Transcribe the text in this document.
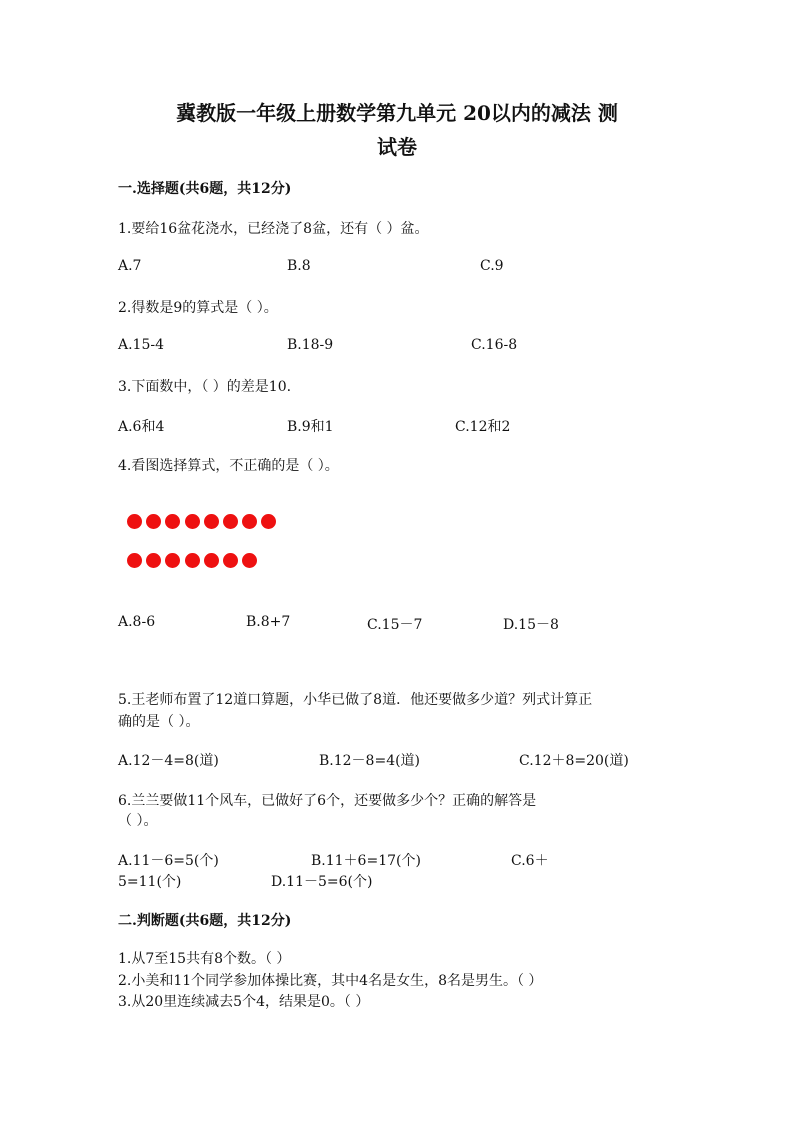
冀教版一年级上册数学第九单元 20以内的减法 测
试卷
一.选择题(共6题，共12分)
1.要给16盆花浇水，已经浇了8盆，还有（ ）盆。
A.7	B.8	C.9
2.得数是9的算式是（ ）。
A.15-4	B.18-9	C.16-8
3.下面数中，（ ）的差是10.
A.6和4	B.9和1	C.12和2
4.看图选择算式，不正确的是（ ）。
A.8-6	B.8+7	C.15－7	D.15－8
5.王老师布置了12道口算题，小华已做了8道．他还要做多少道？列式计算正
确的是（ ）。
A.12－4=8(道)	B.12－8=4(道)	C.12＋8=20(道)
6.兰兰要做11个风车，已做好了6个，还要做多少个？正确的解答是
（ ）。
A.11－6=5(个)	B.11＋6=17(个)	C.6＋
5=11(个)	D.11－5=6(个)
二.判断题(共6题，共12分)
1.从7至15共有8个数。（ ）
2.小美和11个同学参加体操比赛，其中4名是女生，8名是男生。（ ）
3.从20里连续减去5个4，结果是0。（ ）
